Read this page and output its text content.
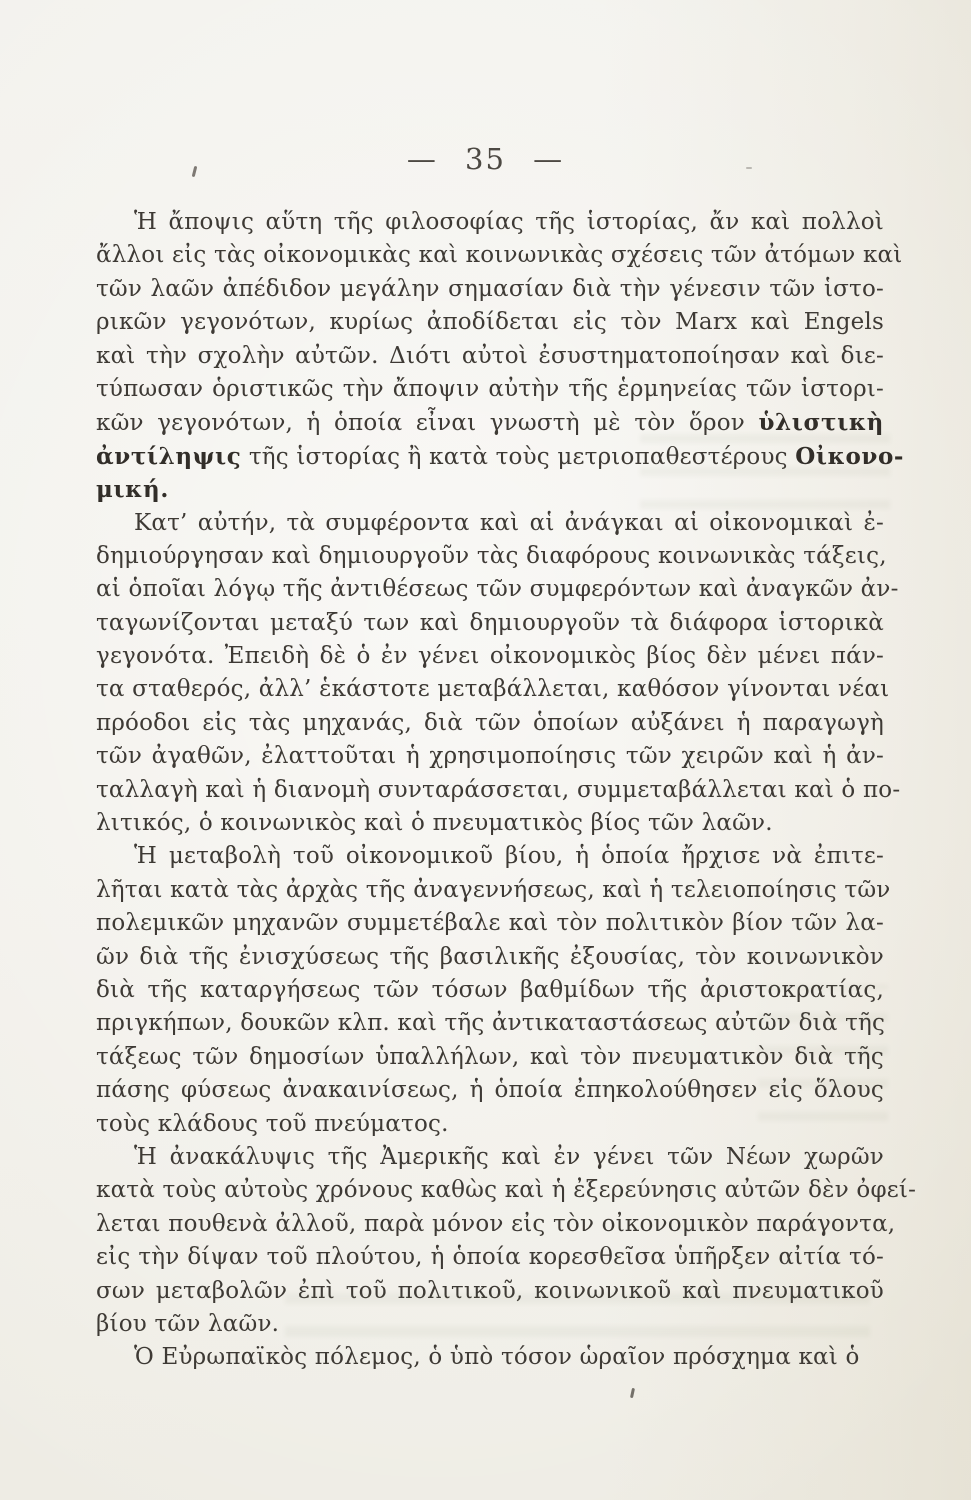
— 35 —
Ἡ ἄποψις αὕτη τῆς φιλοσοφίας τῆς ἱστορίας, ἄν καὶ πολλοὶ
ἄλλοι εἰς τὰς οἰκονομικὰς καὶ κοινωνικὰς σχέσεις τῶν ἀτόμων καὶ
τῶν λαῶν ἀπέδιδον μεγάλην σημασίαν διὰ τὴν γένεσιν τῶν ἱστο-
ρικῶν γεγονότων, κυρίως ἀποδίδεται εἰς τὸν Marx καὶ Engels
καὶ τὴν σχολὴν αὐτῶν. Διότι αὐτοὶ ἐσυστηματοποίησαν καὶ διε-
τύπωσαν ὁριστικῶς τὴν ἄποψιν αὐτὴν τῆς ἑρμηνείας τῶν ἱστορι-
κῶν γεγονότων, ἡ ὁποία εἶναι γνωστὴ μὲ τὸν ὅρον ὑλιστικὴ
ἀντίληψις τῆς ἱστορίας ἢ κατὰ τοὺς μετριοπαθεστέρους Οἰκονο-
μική.
Κατ’ αὐτήν, τὰ συμφέροντα καὶ αἱ ἀνάγκαι αἱ οἰκονομικαὶ ἐ-
δημιούργησαν καὶ δημιουργοῦν τὰς διαφόρους κοινωνικὰς τάξεις,
αἱ ὁποῖαι λόγῳ τῆς ἀντιθέσεως τῶν συμφερόντων καὶ ἀναγκῶν ἀν-
ταγωνίζονται μεταξύ των καὶ δημιουργοῦν τὰ διάφορα ἱστορικὰ
γεγονότα. Ἐπειδὴ δὲ ὁ ἐν γένει οἰκονομικὸς βίος δὲν μένει πάν-
τα σταθερός, ἀλλ’ ἑκάστοτε μεταβάλλεται, καθόσον γίνονται νέαι
πρόοδοι εἰς τὰς μηχανάς, διὰ τῶν ὁποίων αὐξάνει ἡ παραγωγὴ
τῶν ἀγαθῶν, ἐλαττοῦται ἡ χρησιμοποίησις τῶν χειρῶν καὶ ἡ ἀν-
ταλλαγὴ καὶ ἡ διανομὴ συνταράσσεται, συμμεταβάλλεται καὶ ὁ πο-
λιτικός, ὁ κοινωνικὸς καὶ ὁ πνευματικὸς βίος τῶν λαῶν.
Ἡ μεταβολὴ τοῦ οἰκονομικοῦ βίου, ἡ ὁποία ἤρχισε νὰ ἐπιτε-
λῆται κατὰ τὰς ἀρχὰς τῆς ἀναγεννήσεως, καὶ ἡ τελειοποίησις τῶν
πολεμικῶν μηχανῶν συμμετέβαλε καὶ τὸν πολιτικὸν βίον τῶν λα-
ῶν διὰ τῆς ἐνισχύσεως τῆς βασιλικῆς ἐξουσίας, τὸν κοινωνικὸν
διὰ τῆς καταργήσεως τῶν τόσων βαθμίδων τῆς ἀριστοκρατίας,
πριγκήπων, δουκῶν κλπ. καὶ τῆς ἀντικαταστάσεως αὐτῶν διὰ τῆς
τάξεως τῶν δημοσίων ὑπαλλήλων, καὶ τὸν πνευματικὸν διὰ τῆς
πάσης φύσεως ἀνακαινίσεως, ἡ ὁποία ἐπηκολούθησεν εἰς ὅλους
τοὺς κλάδους τοῦ πνεύματος.
Ἡ ἀνακάλυψις τῆς Ἀμερικῆς καὶ ἐν γένει τῶν Νέων χωρῶν
κατὰ τοὺς αὐτοὺς χρόνους καθὼς καὶ ἡ ἐξερεύνησις αὐτῶν δὲν ὀφεί-
λεται πουθενὰ ἀλλοῦ, παρὰ μόνον εἰς τὸν οἰκονομικὸν παράγοντα,
εἰς τὴν δίψαν τοῦ πλούτου, ἡ ὁποία κορεσθεῖσα ὑπῆρξεν αἰτία τό-
σων μεταβολῶν ἐπὶ τοῦ πολιτικοῦ, κοινωνικοῦ καὶ πνευματικοῦ
βίου τῶν λαῶν.
Ὁ Εὐρωπαϊκὸς πόλεμος, ὁ ὑπὸ τόσον ὡραῖον πρόσχημα καὶ ὁ
